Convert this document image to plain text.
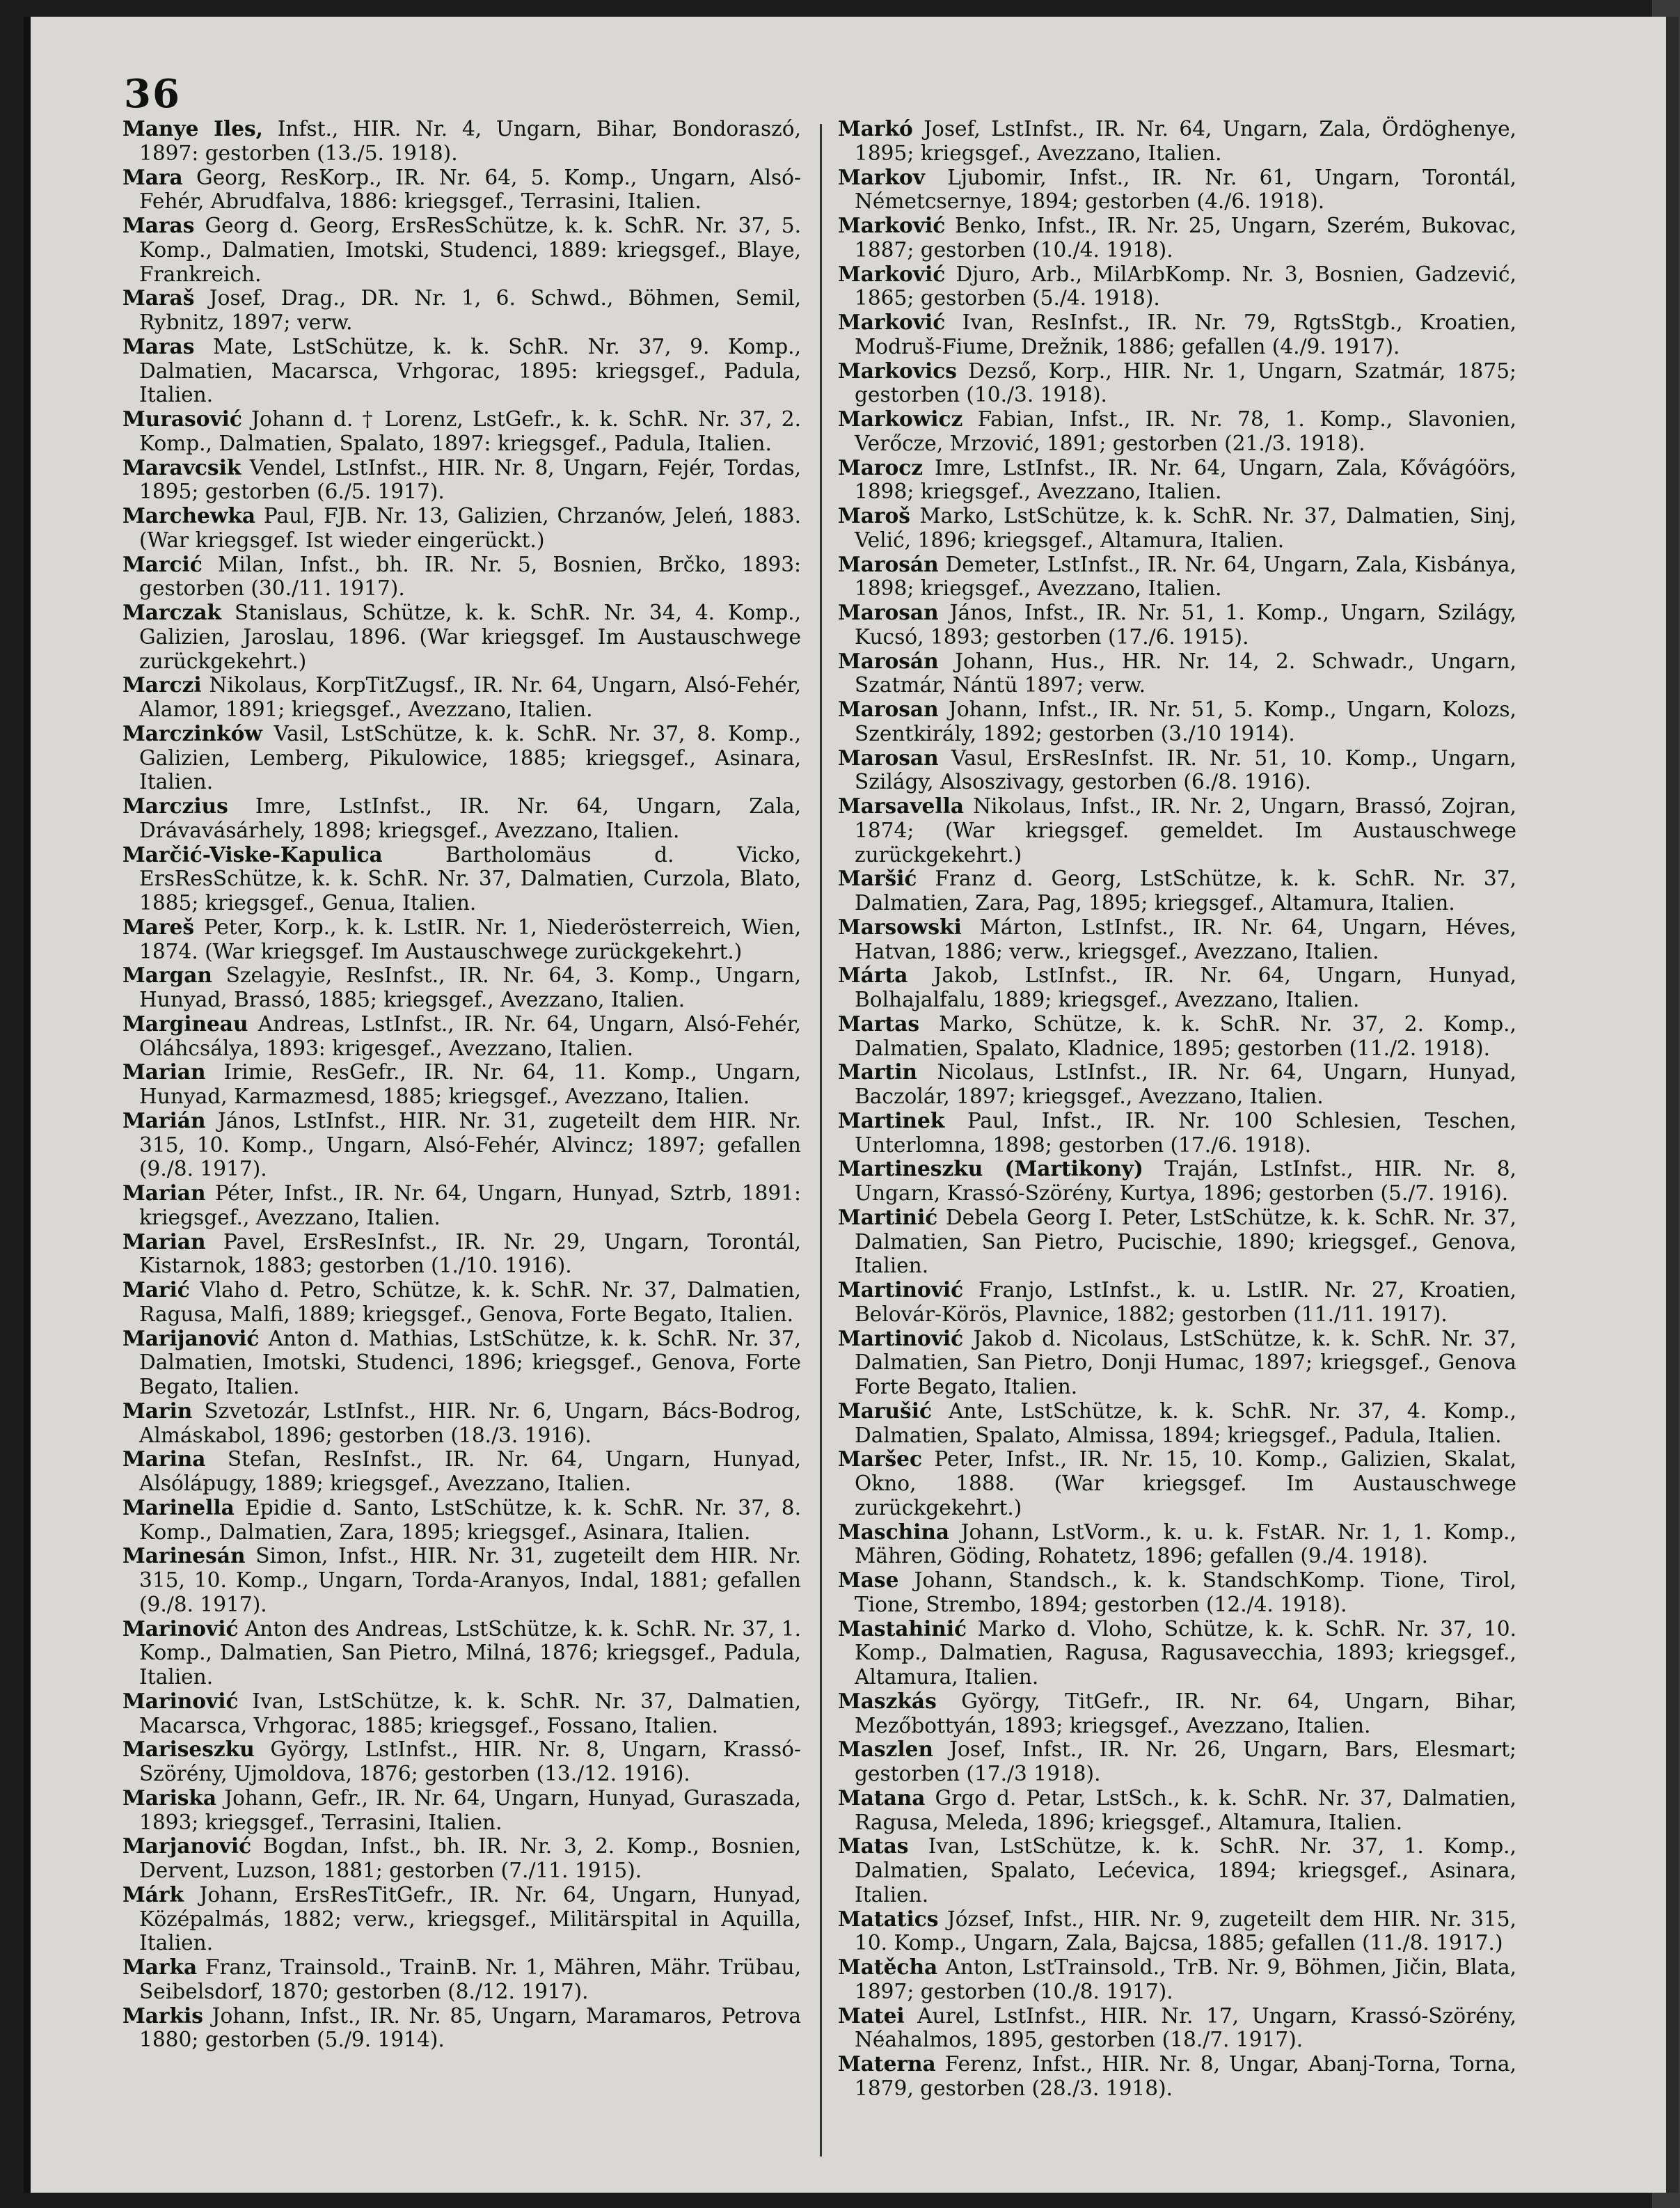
36

Manye Iles, Infst., HIR. Nr. 4, Ungarn, Bihar, Bondoraszó, 1897: gestorben (13./5. 1918).

Mara Georg, ResKorp., IR. Nr. 64, 5. Komp., Ungarn, Alsó-Fehér, Abrudfalva, 1886: kriegsgef., Terrasini, Italien.

Maras Georg d. Georg, ErsResSchütze, k. k. SchR. Nr. 37, 5. Komp., Dalmatien, Imotski, Studenci, 1889: kriegsgef., Blaye, Frankreich.

Maraš Josef, Drag., DR. Nr. 1, 6. Schwd., Böhmen, Semil, Rybnitz, 1897; verw.

Maras Mate, LstSchütze, k. k. SchR. Nr. 37, 9. Komp., Dalmatien, Macarsca, Vrhgorac, 1895: kriegsgef., Padula, Italien.

Murasović Johann d. † Lorenz, LstGefr., k. k. SchR. Nr. 37, 2. Komp., Dalmatien, Spalato, 1897: kriegsgef., Padula, Italien.

Maravcsik Vendel, LstInfst., HIR. Nr. 8, Ungarn, Fejér, Tordas, 1895; gestorben (6./5. 1917).

Marchewka Paul, FJB. Nr. 13, Galizien, Chrzanów, Jeleń, 1883. (War kriegsgef. Ist wieder eingerückt.)

Marcić Milan, Infst., bh. IR. Nr. 5, Bosnien, Brčko, 1893: gestorben (30./11. 1917).

Marczak Stanislaus, Schütze, k. k. SchR. Nr. 34, 4. Komp., Galizien, Jaroslau, 1896. (War kriegsgef. Im Austauschwege zurückgekehrt.)

Marczi Nikolaus, KorpTitZugsf., IR. Nr. 64, Ungarn, Alsó-Fehér, Alamor, 1891; kriegsgef., Avezzano, Italien.

Marczinków Vasil, LstSchütze, k. k. SchR. Nr. 37, 8. Komp., Galizien, Lemberg, Pikulowice, 1885; kriegsgef., Asinara, Italien.

Marczius Imre, LstInfst., IR. Nr. 64, Ungarn, Zala, Drávavásárhely, 1898; kriegsgef., Avezzano, Italien.

Marčić-Viske-Kapulica Bartholomäus d. Vicko, ErsResSchütze, k. k. SchR. Nr. 37, Dalmatien, Curzola, Blato, 1885; kriegsgef., Genua, Italien.

Mareš Peter, Korp., k. k. LstIR. Nr. 1, Niederösterreich, Wien, 1874. (War kriegsgef. Im Austauschwege zurückgekehrt.)

Margan Szelagyie, ResInfst., IR. Nr. 64, 3. Komp., Ungarn, Hunyad, Brassó, 1885; kriegsgef., Avezzano, Italien.

Margineau Andreas, LstInfst., IR. Nr. 64, Ungarn, Alsó-Fehér, Oláhcsályа, 1893: krigesgef., Avezzano, Italien.

Marian Irimie, ResGefr., IR. Nr. 64, 11. Komp., Ungarn, Hunyad, Karmazmesd, 1885; kriegsgef., Avezzano, Italien.

Marián János, LstInfst., HIR. Nr. 31, zugeteilt dem HIR. Nr. 315, 10. Komp., Ungarn, Alsó-Fehér, Alvincz; 1897; gefallen (9./8. 1917).

Marian Péter, Infst., IR. Nr. 64, Ungarn, Hunyad, Sztrb, 1891: kriegsgef., Avezzano, Italien.

Marian Pavel, ErsResInfst., IR. Nr. 29, Ungarn, Torontál, Kistarnok, 1883; gestorben (1./10. 1916).

Marić Vlaho d. Petro, Schütze, k. k. SchR. Nr. 37, Dalmatien, Ragusa, Malfi, 1889; kriegsgef., Genova, Forte Begato, Italien.

Marijanović Anton d. Mathias, LstSchütze, k. k. SchR. Nr. 37, Dalmatien, Imotski, Studenci, 1896; kriegsgef., Genova, Forte Begato, Italien.

Marin Szvetozár, LstInfst., HIR. Nr. 6, Ungarn, Bács-Bodrog, Almáskabol, 1896; gestorben (18./3. 1916).

Marina Stefan, ResInfst., IR. Nr. 64, Ungarn, Hunyad, Alsólápugy, 1889; kriegsgef., Avezzano, Italien.

Marinella Epidie d. Santo, LstSchütze, k. k. SchR. Nr. 37, 8. Komp., Dalmatien, Zara, 1895; kriegsgef., Asinara, Italien.

Marinesán Simon, Infst., HIR. Nr. 31, zugeteilt dem HIR. Nr. 315, 10. Komp., Ungarn, Torda-Aranyos, Indal, 1881; gefallen (9./8. 1917).

Marinović Anton des Andreas, LstSchütze, k. k. SchR. Nr. 37, 1. Komp., Dalmatien, San Pietro, Milná, 1876; kriegsgef., Padula, Italien.

Marinović Ivan, LstSchütze, k. k. SchR. Nr. 37, Dalmatien, Macarsca, Vrhgorac, 1885; kriegsgef., Fossano, Italien.

Mariseszku György, LstInfst., HIR. Nr. 8, Ungarn, Krassó-Szörény, Ujmoldova, 1876; gestorben (13./12. 1916).

Mariska Johann, Gefr., IR. Nr. 64, Ungarn, Hunyad, Guraszada, 1893; kriegsgef., Terrasini, Italien.

Marjanović Bogdan, Infst., bh. IR. Nr. 3, 2. Komp., Bosnien, Dervent, Luzson, 1881; gestorben (7./11. 1915).

Márk Johann, ErsResTitGefr., IR. Nr. 64, Ungarn, Hunyad, Középalmás, 1882; verw., kriegsgef., Militärspital in Aquilla, Italien.

Marka Franz, Trainsold., TrainB. Nr. 1, Mähren, Mähr. Trübau, Seibelsdorf, 1870; gestorben (8./12. 1917).

Markis Johann, Infst., IR. Nr. 85, Ungarn, Maramaros, Petrova 1880; gestorben (5./9. 1914).

Markó Josef, LstInfst., IR. Nr. 64, Ungarn, Zala, Ördöghenye, 1895; kriegsgef., Avezzano, Italien.

Markov Ljubomir, Infst., IR. Nr. 61, Ungarn, Torontál, Németcsernye, 1894; gestorben (4./6. 1918).

Marković Benko, Infst., IR. Nr. 25, Ungarn, Szerém, Bukovac, 1887; gestorben (10./4. 1918).

Marković Djuro, Arb., MilArbKomp. Nr. 3, Bosnien, Gadzević, 1865; gestorben (5./4. 1918).

Marković Ivan, ResInfst., IR. Nr. 79, RgtsStgb., Kroatien, Modruš-Fiume, Drežnik, 1886; gefallen (4./9. 1917).

Markovics Dezső, Korp., HIR. Nr. 1, Ungarn, Szatmár, 1875; gestorben (10./3. 1918).

Markowicz Fabian, Infst., IR. Nr. 78, 1. Komp., Slavonien, Verőcze, Mrzović, 1891; gestorben (21./3. 1918).

Marocz Imre, LstInfst., IR. Nr. 64, Ungarn, Zala, Kővágóörs, 1898; kriegsgef., Avezzano, Italien.

Maroš Marko, LstSchütze, k. k. SchR. Nr. 37, Dalmatien, Sinj, Velić, 1896; kriegsgef., Altamura, Italien.

Marosán Demeter, LstInfst., IR. Nr. 64, Ungarn, Zala, Kisbánya, 1898; kriegsgef., Avezzano, Italien.

Marosan János, Infst., IR. Nr. 51, 1. Komp., Ungarn, Szilágy, Kucsó, 1893; gestorben (17./6. 1915).

Marosán Johann, Hus., HR. Nr. 14, 2. Schwadr., Ungarn, Szatmár, Nántü 1897; verw.

Marosan Johann, Infst., IR. Nr. 51, 5. Komp., Ungarn, Kolozs, Szentkirály, 1892; gestorben (3./10 1914).

Marosan Vasul, ErsResInfst. IR. Nr. 51, 10. Komp., Ungarn, Szilágy, Alsoszivagy, gestorben (6./8. 1916).

Marsavella Nikolaus, Infst., IR. Nr. 2, Ungarn, Brassó, Zojran, 1874; (War kriegsgef. gemeldet. Im Austauschwege zurückgekehrt.)

Maršić Franz d. Georg, LstSchütze, k. k. SchR. Nr. 37, Dalmatien, Zara, Pag, 1895; kriegsgef., Altamura, Italien.

Marsowski Márton, LstInfst., IR. Nr. 64, Ungarn, Héves, Hatvan, 1886; verw., kriegsgef., Avezzano, Italien.

Márta Jakob, LstInfst., IR. Nr. 64, Ungarn, Hunyad, Bolhajalfalu, 1889; kriegsgef., Avezzano, Italien.

Martas Marko, Schütze, k. k. SchR. Nr. 37, 2. Komp., Dalmatien, Spalato, Kladnice, 1895; gestorben (11./2. 1918).

Martin Nicolaus, LstInfst., IR. Nr. 64, Ungarn, Hunyad, Baczolár, 1897; kriegsgef., Avezzano, Italien.

Martinek Paul, Infst., IR. Nr. 100 Schlesien, Teschen, Unterlomna, 1898; gestorben (17./6. 1918).

Martineszku (Martikony) Traján, LstInfst., HIR. Nr. 8, Ungarn, Krassó-Szörény, Kurtya, 1896; gestorben (5./7. 1916).

Martinić Debela Georg I. Peter, LstSchütze, k. k. SchR. Nr. 37, Dalmatien, San Pietro, Pucischie, 1890; kriegsgef., Genova, Italien.

Martinović Franjo, LstInfst., k. u. LstIR. Nr. 27, Kroatien, Belovár-Körös, Plavnice, 1882; gestorben (11./11. 1917).

Martinović Jakob d. Nicolaus, LstSchütze, k. k. SchR. Nr. 37, Dalmatien, San Pietro, Donji Humac, 1897; kriegsgef., Genova Forte Begato, Italien.

Marušić Ante, LstSchütze, k. k. SchR. Nr. 37, 4. Komp., Dalmatien, Spalato, Almissa, 1894; kriegsgef., Padula, Italien.

Maršec Peter, Infst., IR. Nr. 15, 10. Komp., Galizien, Skalat, Okno, 1888. (War kriegsgef. Im Austauschwege zurückgekehrt.)

Maschina Johann, LstVorm., k. u. k. FstAR. Nr. 1, 1. Komp., Mähren, Göding, Rohatetz, 1896; gefallen (9./4. 1918).

Mase Johann, Standsch., k. k. StandschKomp. Tione, Tirol, Tione, Strembo, 1894; gestorben (12./4. 1918).

Mastahinić Marko d. Vloho, Schütze, k. k. SchR. Nr. 37, 10. Komp., Dalmatien, Ragusa, Ragusavecchia, 1893; kriegsgef., Altamura, Italien.

Maszkás György, TitGefr., IR. Nr. 64, Ungarn, Bihar, Mezőbottyán, 1893; kriegsgef., Avezzano, Italien.

Maszlen Josef, Infst., IR. Nr. 26, Ungarn, Bars, Elesmart; gestorben (17./3 1918).

Matana Grgo d. Petar, LstSch., k. k. SchR. Nr. 37, Dalmatien, Ragusa, Meleda, 1896; kriegsgef., Altamura, Italien.

Matas Ivan, LstSchütze, k. k. SchR. Nr. 37, 1. Komp., Dalmatien, Spalato, Lećevica, 1894; kriegsgef., Asinara, Italien.

Matatics József, Infst., HIR. Nr. 9, zugeteilt dem HIR. Nr. 315, 10. Komp., Ungarn, Zala, Bajcsa, 1885; gefallen (11./8. 1917.)

Matěcha Anton, LstTrainsold., TrB. Nr. 9, Böhmen, Jičin, Blata, 1897; gestorben (10./8. 1917).

Matei Aurel, LstInfst., HIR. Nr. 17, Ungarn, Krassó-Szörény, Néahalmos, 1895, gestorben (18./7. 1917).

Materna Ferenz, Infst., HIR. Nr. 8, Ungar, Abanj-Torna, Torna, 1879, gestorben (28./3. 1918).
